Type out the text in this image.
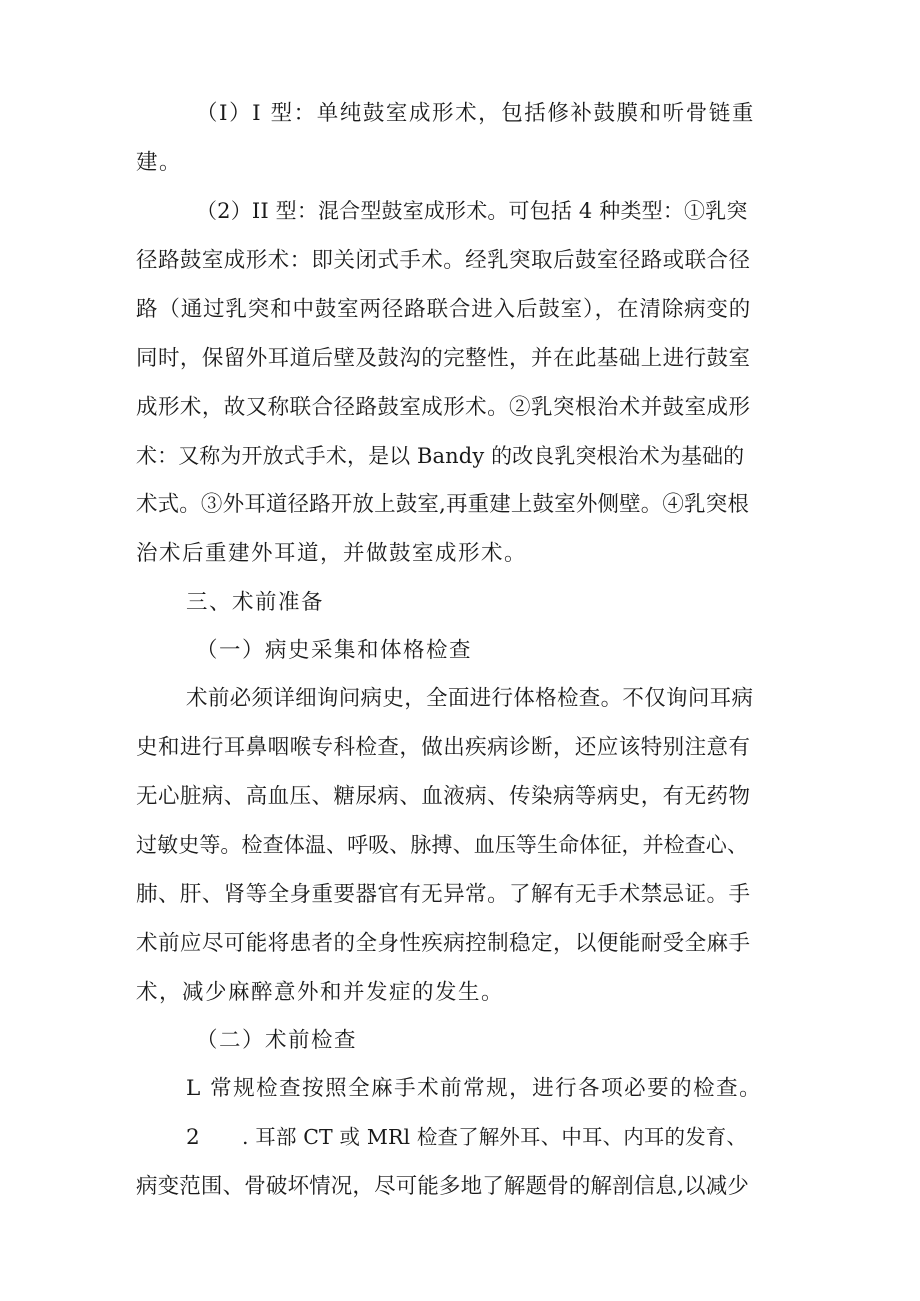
（I）I 型：单纯鼓室成形术，包括修补鼓膜和听骨链重
建。
（2）II 型：混合型鼓室成形术。可包括 4 种类型：①乳突
径路鼓室成形术：即关闭式手术。经乳突取后鼓室径路或联合径
路（通过乳突和中鼓室两径路联合进入后鼓室），在清除病变的
同时，保留外耳道后壁及鼓沟的完整性，并在此基础上进行鼓室
成形术，故又称联合径路鼓室成形术。②乳突根治术并鼓室成形
术：又称为开放式手术，是以 Bandy 的改良乳突根治术为基础的
术式。③外耳道径路开放上鼓室,再重建上鼓室外侧壁。④乳突根
治术后重建外耳道，并做鼓室成形术。
三、术前准备
（一）病史采集和体格检查
术前必须详细询问病史，全面进行体格检查。不仅询问耳病
史和进行耳鼻咽喉专科检查，做出疾病诊断，还应该特别注意有
无心脏病、高血压、糖尿病、血液病、传染病等病史，有无药物
过敏史等。检查体温、呼吸、脉搏、血压等生命体征，并检查心、
肺、肝、肾等全身重要器官有无异常。了解有无手术禁忌证。手
术前应尽可能将患者的全身性疾病控制稳定，以便能耐受全麻手
术，减少麻醉意外和并发症的发生。
（二）术前检查
L 常规检查按照全麻手术前常规，进行各项必要的检查。
2 . 耳部 CT 或 MRl 检查了解外耳、中耳、内耳的发育、
病变范围、骨破坏情况，尽可能多地了解题骨的解剖信息,以减少
